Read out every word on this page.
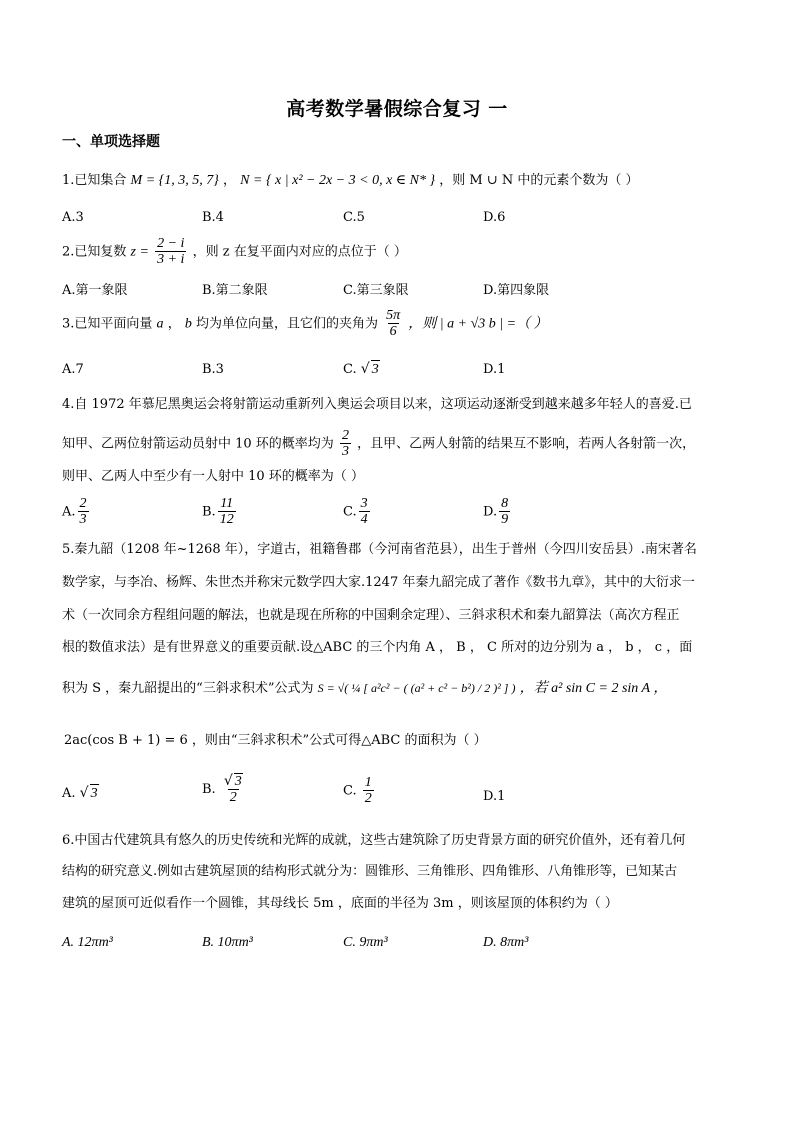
高考数学暑假综合复习 一
一、单项选择题
1.已知集合 M = {1, 3, 5, 7} ， N = { x | x² − 2x − 3 < 0, x ∈ N* } ，则 M ∪ N 中的元素个数为（ ）
A.3	B.4	C.5	D.6
2.已知复数 $z = \frac{2 - i}{3 + i}$ ，则 z 在复平面内对应的点位于（ ）
A.第一象限	B.第二象限	C.第三象限	D.第四象限
3.已知平面向量 a ， b 均为单位向量，且它们的夹角为 $\frac{5\pi}{6}$ ，则 | a + √3 b | =（ ）
A.7	B.3	C. √ 3	D.1
4.自 1972 年慕尼黑奥运会将射箭运动重新列入奥运会项目以来，这项运动逐渐受到越来越多年轻人的喜爱.已
知甲、乙两位射箭运动员射中 10 环的概率均为 $\frac{2}{3}$ ，且甲、乙两人射箭的结果互不影响，若两人各射箭一次，
则甲、乙两人中至少有一人射中 10 环的概率为（ ）
A. $\frac{2}{3}$	B. $\frac{11}{12}$	C. $\frac{3}{4}$	D. $\frac{8}{9}$
5.秦九韶（1208 年~1268 年），字道古，祖籍鲁郡（今河南省范县），出生于普州（今四川安岳县）.南宋著名
数学家，与李冶、杨辉、朱世杰并称宋元数学四大家.1247 年秦九韶完成了著作《数书九章》，其中的大衍求一
术（一次同余方程组问题的解法，也就是现在所称的中国剩余定理）、三斜求积术和秦九韶算法（高次方程正
根的数值求法）是有世界意义的重要贡献.设△ABC 的三个内角 A ， B ， C 所对的边分别为 a ， b ， c ，面
积为 S ，秦九韶提出的“三斜求积术”公式为 S = √( ¼ [ a²c² − ( (a² + c² − b²) / 2 )² ] ) ，若 a² sin C = 2 sin A ，
2ac(cos B + 1) = 6 ，则由“三斜求积术”公式可得△ABC 的面积为（ ）
A. √ 3	B. $\frac{√ 3}{2}$	C. $\frac{1}{2}$	D.1
6.中国古代建筑具有悠久的历史传统和光辉的成就，这些古建筑除了历史背景方面的研究价值外，还有着几何
结构的研究意义.例如古建筑屋顶的结构形式就分为：圆锥形、三角锥形、四角锥形、八角锥形等，已知某古
建筑的屋顶可近似看作一个圆锥，其母线长 5m ，底面的半径为 3m ，则该屋顶的体积约为（ ）
A. 12πm³	B. 10πm³	C. 9πm³	D. 8πm³
